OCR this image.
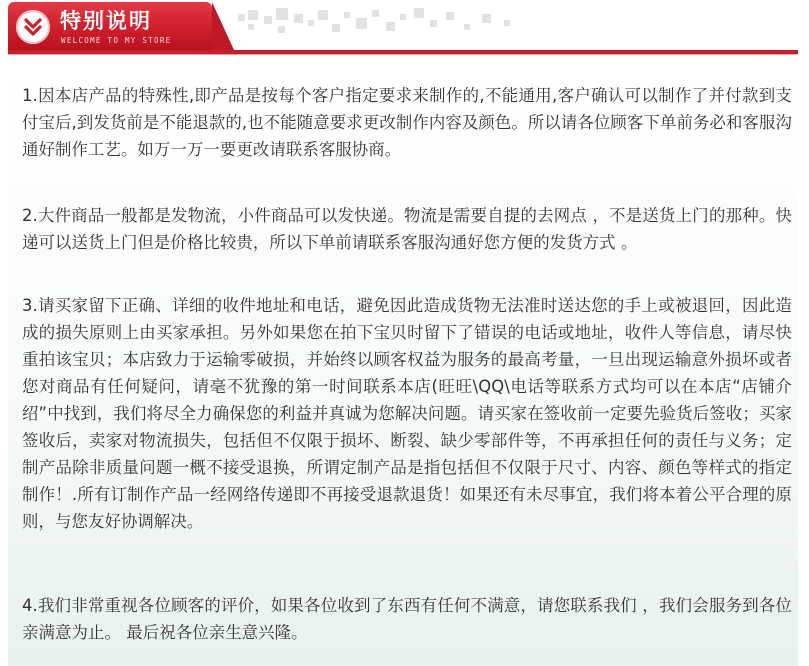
特别说明
WELCOME TO MY STORE
1.因本店产品的特殊性,即产品是按每个客户指定要求来制作的,不能通用,客户确认可以制作了并付款到支付宝后,到发货前是不能退款的,也不能随意要求更改制作内容及颜色。所以请各位顾客下单前务必和客服沟通好制作工艺。如万一万一要更改请联系客服协商。
2.大件商品一般都是发物流，小件商品可以发快递。物流是需要自提的去网点 ，不是送货上门的那种。快递可以送货上门但是价格比较贵，所以下单前请联系客服沟通好您方便的发货方式 。
3.请买家留下正确、详细的收件地址和电话，避免因此造成货物无法准时送达您的手上或被退回，因此造成的损失原则上由买家承担。另外如果您在拍下宝贝时留下了错误的电话或地址，收件人等信息，请尽快重拍该宝贝；本店致力于运输零破损，并始终以顾客权益为服务的最高考量，一旦出现运输意外损坏或者您对商品有任何疑问，请毫不犹豫的第一时间联系本店(旺旺\QQ\电话等联系方式均可以在本店“店铺介绍”中找到，我们将尽全力确保您的利益并真诚为您解决问题。请买家在签收前一定要先验货后签收；买家签收后，卖家对物流损失，包括但不仅限于损坏、断裂、缺少零部件等，不再承担任何的责任与义务；定制产品除非质量问题一概不接受退换，所谓定制产品是指包括但不仅限于尺寸、内容、颜色等样式的指定制作！.所有订制作产品一经网络传递即不再接受退款退货！如果还有未尽事宜，我们将本着公平合理的原则，与您友好协调解决。
4.我们非常重视各位顾客的评价，如果各位收到了东西有任何不满意，请您联系我们 ，我们会服务到各位亲满意为止。 最后祝各位亲生意兴隆。
